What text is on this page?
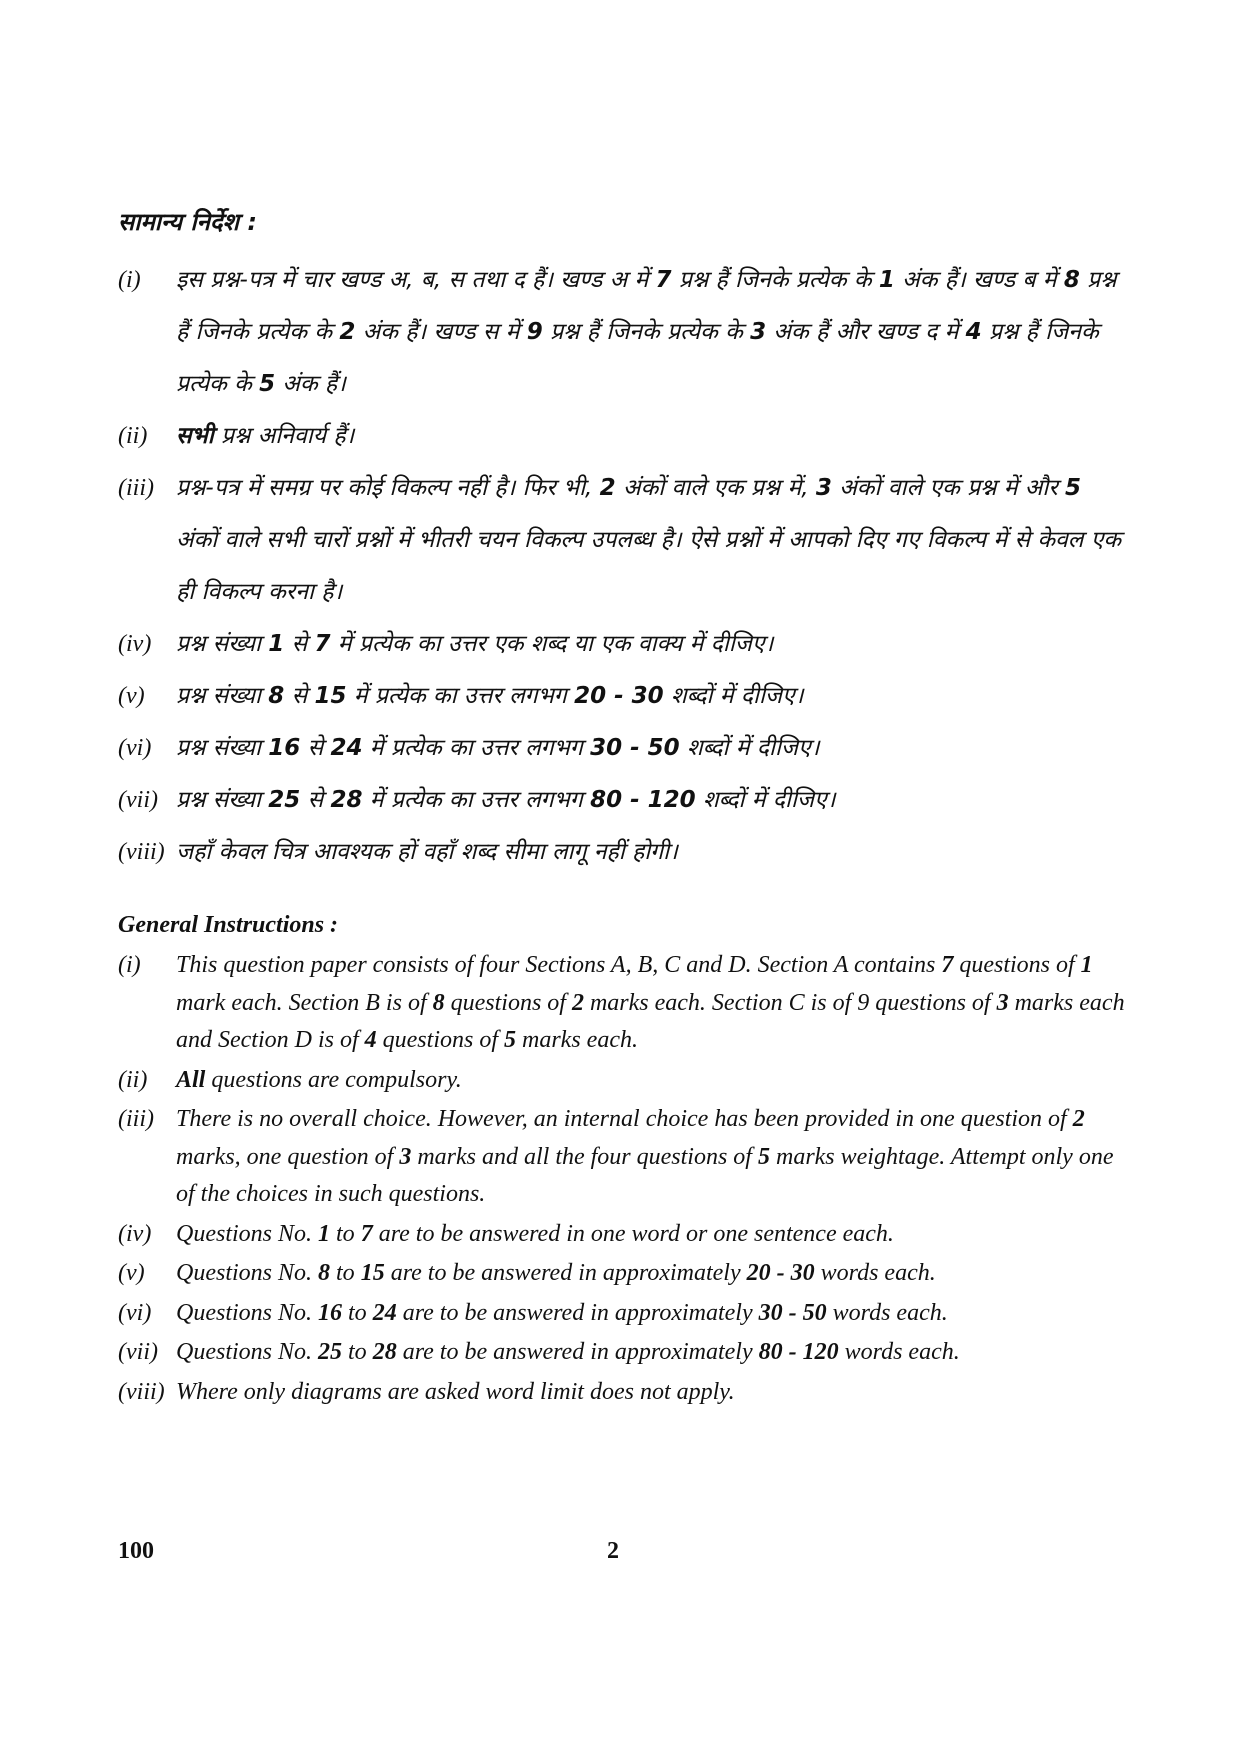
सामान्य निर्देश :
(i)	इस प्रश्न-पत्र में चार खण्ड अ, ब, स तथा द हैं। खण्ड अ में 7 प्रश्न हैं जिनके प्रत्येक के 1 अंक हैं। खण्ड ब में 8 प्रश्न हैं जिनके प्रत्येक के 2 अंक हैं। खण्ड स में 9 प्रश्न हैं जिनके प्रत्येक के 3 अंक हैं और खण्ड द में 4 प्रश्न हैं जिनके प्रत्येक के 5 अंक हैं।
(ii)	सभी प्रश्न अनिवार्य हैं।
(iii) प्रश्न-पत्र में समग्र पर कोई विकल्प नहीं है। फिर भी, 2 अंकों वाले एक प्रश्न में, 3 अंकों वाले एक प्रश्न में और 5 अंकों वाले सभी चारों प्रश्नों में भीतरी चयन विकल्प उपलब्ध है। ऐसे प्रश्नों में आपको दिए गए विकल्प में से केवल एक ही विकल्प करना है।
(iv)	प्रश्न संख्या 1 से 7 में प्रत्येक का उत्तर एक शब्द या एक वाक्य में दीजिए।
(v)	प्रश्न संख्या 8 से 15 में प्रत्येक का उत्तर लगभग 20 - 30 शब्दों में दीजिए।
(vi)	प्रश्न संख्या 16 से 24 में प्रत्येक का उत्तर लगभग 30 - 50 शब्दों में दीजिए।
(vii) प्रश्न संख्या 25 से 28 में प्रत्येक का उत्तर लगभग 80 - 120 शब्दों में दीजिए।
(viii) जहाँ केवल चित्र आवश्यक हों वहाँ शब्द सीमा लागू नहीं होगी।
General Instructions :
(i)	This question paper consists of four Sections A, B, C and D. Section A contains 7 questions of 1 mark each. Section B is of 8 questions of 2 marks each. Section C is of 9 questions of 3 marks each and Section D is of 4 questions of 5 marks each.
(ii)	All questions are compulsory.
(iii) There is no overall choice. However, an internal choice has been provided in one question of 2 marks, one question of 3 marks and all the four questions of 5 marks weightage. Attempt only one of the choices in such questions.
(iv)	Questions No. 1 to 7 are to be answered in one word or one sentence each.
(v)	Questions No. 8 to 15 are to be answered in approximately 20 - 30 words each.
(vi)	Questions No. 16 to 24 are to be answered in approximately 30 - 50 words each.
(vii) Questions No. 25 to 28 are to be answered in approximately 80 - 120 words each.
(viii) Where only diagrams are asked word limit does not apply.
100	2
